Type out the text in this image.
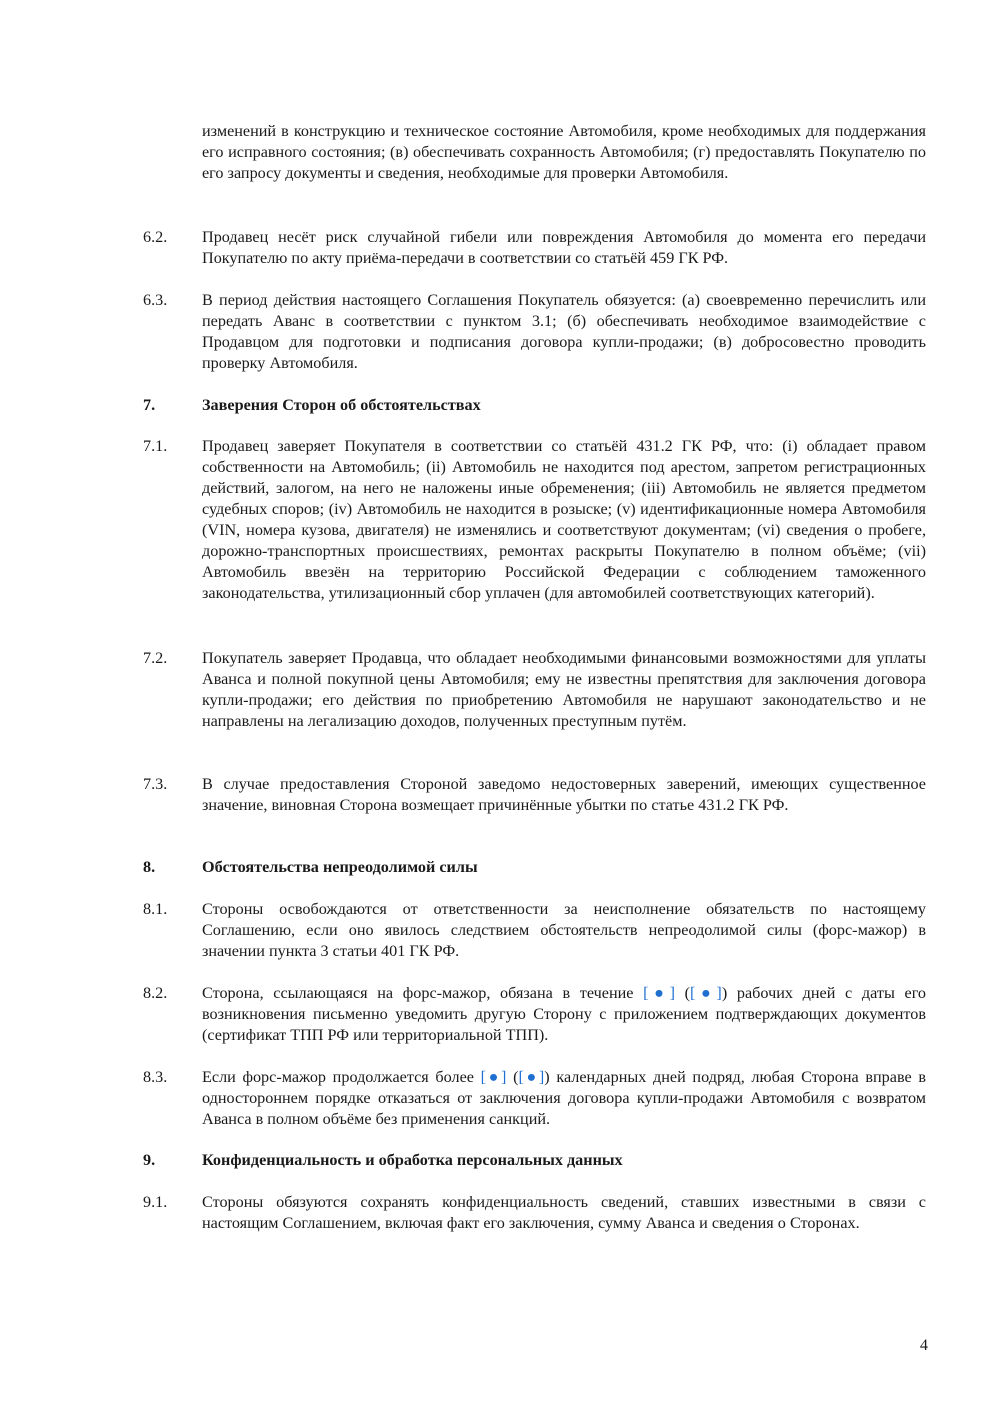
изменений в конструкцию и техническое состояние Автомобиля, кроме необходимых для поддержания его исправного состояния; (в) обеспечивать сохранность Автомобиля; (г) предоставлять Покупателю по его запросу документы и сведения, необходимые для проверки Автомобиля.

6.2. Продавец несёт риск случайной гибели или повреждения Автомобиля до момента его передачи Покупателю по акту приёма-передачи в соответствии со статьёй 459 ГК РФ.

6.3. В период действия настоящего Соглашения Покупатель обязуется: (а) своевременно перечислить или передать Аванс в соответствии с пунктом 3.1; (б) обеспечивать необходимое взаимодействие с Продавцом для подготовки и подписания договора купли-продажи; (в) добросовестно проводить проверку Автомобиля.

7.	Заверения Сторон об обстоятельствах

7.1. Продавец заверяет Покупателя в соответствии со статьёй 431.2 ГК РФ, что: (i) обладает правом собственности на Автомобиль; (ii) Автомобиль не находится под арестом, запретом регистрационных действий, залогом, на него не наложены иные обременения; (iii) Автомобиль не является предметом судебных споров; (iv) Автомобиль не находится в розыске; (v) идентификационные номера Автомобиля (VIN, номера кузова, двигателя) не изменялись и соответствуют документам; (vi) сведения о пробеге, дорожно-транспортных происшествиях, ремонтах раскрыты Покупателю в полном объёме; (vii) Автомобиль ввезён на территорию Российской Федерации с соблюдением таможенного законодательства, утилизационный сбор уплачен (для автомобилей соответствующих категорий).

7.2. Покупатель заверяет Продавца, что обладает необходимыми финансовыми возможностями для уплаты Аванса и полной покупной цены Автомобиля; ему не известны препятствия для заключения договора купли-продажи; его действия по приобретению Автомобиля не нарушают законодательство и не направлены на легализацию доходов, полученных преступным путём.

7.3. В случае предоставления Стороной заведомо недостоверных заверений, имеющих существенное значение, виновная Сторона возмещает причинённые убытки по статье 431.2 ГК РФ.

8.	Обстоятельства непреодолимой силы

8.1. Стороны освобождаются от ответственности за неисполнение обязательств по настоящему Соглашению, если оно явилось следствием обстоятельств непреодолимой силы (форс-мажор) в значении пункта 3 статьи 401 ГК РФ.

8.2. Сторона, ссылающаяся на форс-мажор, обязана в течение [●] ([●]) рабочих дней с даты его возникновения письменно уведомить другую Сторону с приложением подтверждающих документов (сертификат ТПП РФ или территориальной ТПП).

8.3. Если форс-мажор продолжается более [●] ([●]) календарных дней подряд, любая Сторона вправе в одностороннем порядке отказаться от заключения договора купли-продажи Автомобиля с возвратом Аванса в полном объёме без применения санкций.

9.	Конфиденциальность и обработка персональных данных

9.1. Стороны обязуются сохранять конфиденциальность сведений, ставших известными в связи с настоящим Соглашением, включая факт его заключения, сумму Аванса и сведения о Сторонах.

4
